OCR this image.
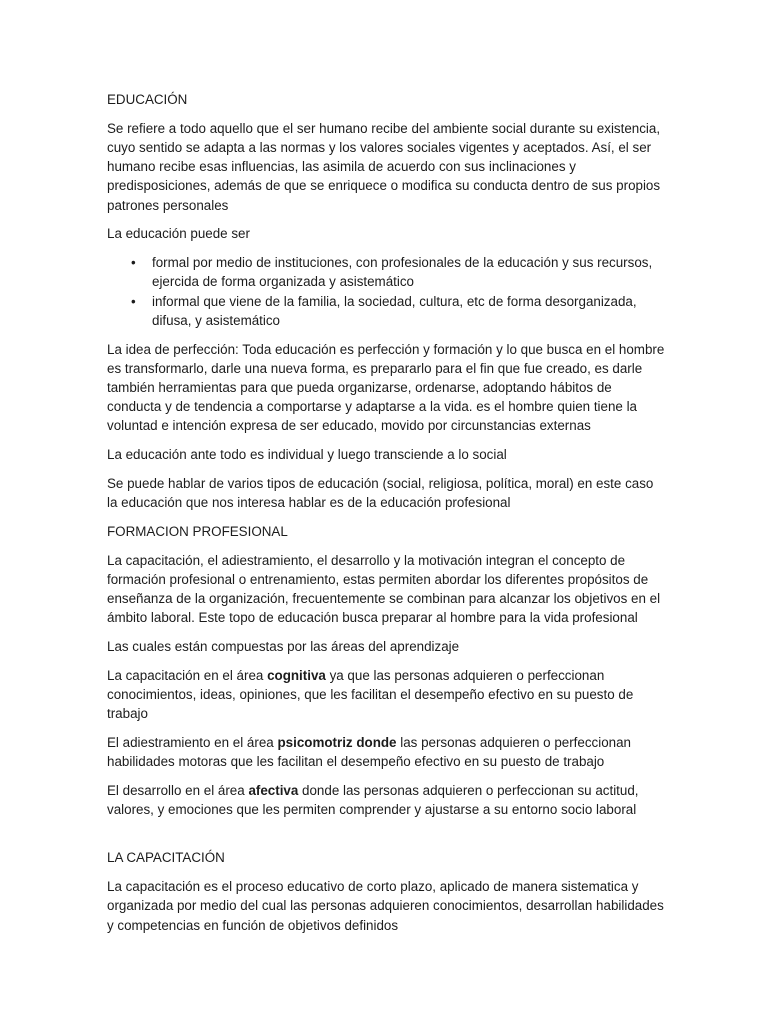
EDUCACIÓN

Se refiere a todo aquello que el ser humano recibe del ambiente social durante su existencia, cuyo sentido se adapta a las normas y los valores sociales vigentes y aceptados. Así, el ser humano recibe esas influencias, las asimila de acuerdo con sus inclinaciones y predisposiciones, además de que se enriquece o modifica su conducta dentro de sus propios patrones personales

La educación puede ser

• formal por medio de instituciones, con profesionales de la educación y sus recursos, ejercida de forma organizada y asistemático
• informal que viene de la familia, la sociedad, cultura, etc de forma desorganizada, difusa, y asistemático

La idea de perfección: Toda educación es perfección y formación y lo que busca en el hombre es transformarlo, darle una nueva forma, es prepararlo para el fin que fue creado, es darle también herramientas para que pueda organizarse, ordenarse, adoptando hábitos de conducta y de tendencia a comportarse y adaptarse a la vida. es el hombre quien tiene la voluntad e intención expresa de ser educado, movido por circunstancias externas

La educación ante todo es individual y luego transciende a lo social

Se puede hablar de varios tipos de educación (social, religiosa, política, moral) en este caso la educación que nos interesa hablar es de la educación profesional

FORMACION PROFESIONAL

La capacitación, el adiestramiento, el desarrollo y la motivación integran el concepto de formación profesional o entrenamiento, estas permiten abordar los diferentes propósitos de enseñanza de la organización, frecuentemente se combinan para alcanzar los objetivos en el ámbito laboral. Este topo de educación busca preparar al hombre para la vida profesional

Las cuales están compuestas por las áreas del aprendizaje

La capacitación en el área cognitiva ya que las personas adquieren o perfeccionan conocimientos, ideas, opiniones, que les facilitan el desempeño efectivo en su puesto de trabajo

El adiestramiento en el área psicomotriz donde las personas adquieren o perfeccionan habilidades motoras que les facilitan el desempeño efectivo en su puesto de trabajo

El desarrollo en el área afectiva donde las personas adquieren o perfeccionan su actitud, valores, y emociones que les permiten comprender y ajustarse a su entorno socio laboral

LA CAPACITACIÓN

La capacitación es el proceso educativo de corto plazo, aplicado de manera sistematica y organizada por medio del cual las personas adquieren conocimientos, desarrollan habilidades y competencias en función de objetivos definidos
